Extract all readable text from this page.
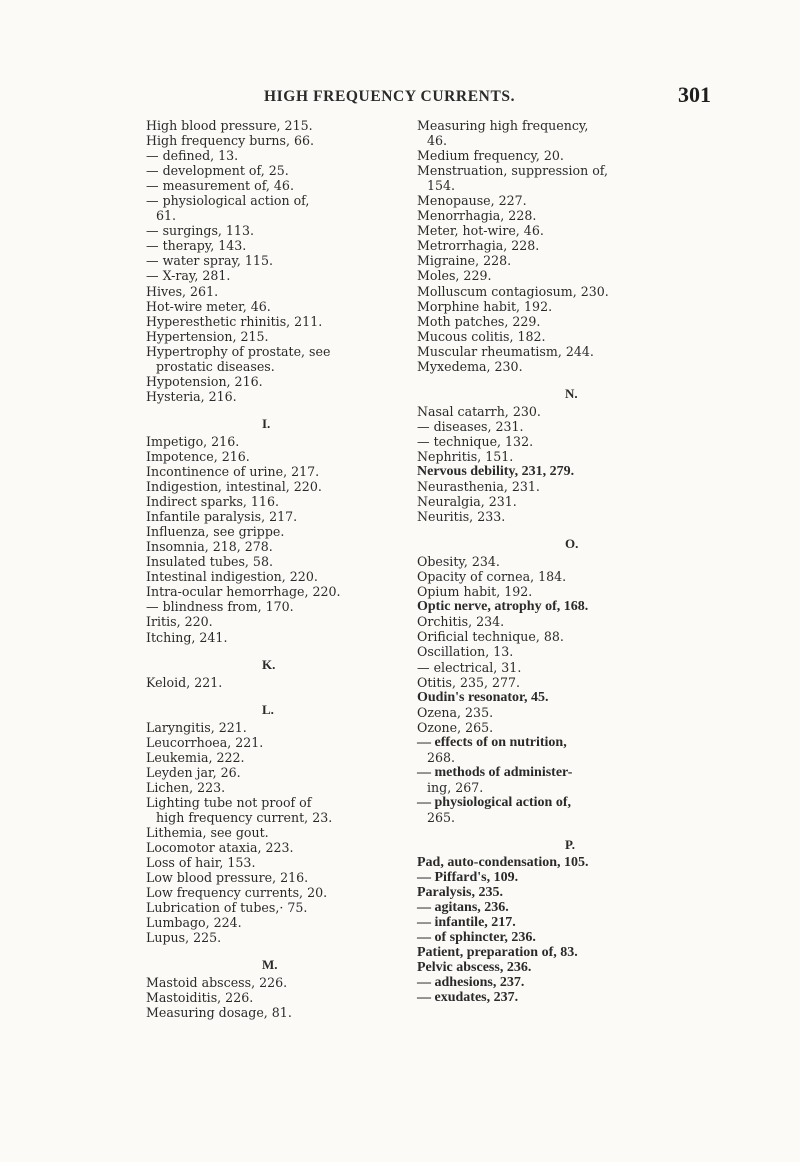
HIGH FREQUENCY CURRENTS.	301
High blood pressure, 215.
High frequency burns, 66.
— defined, 13.
— development of, 25.
— measurement of, 46.
— physiological action of,
61.
— surgings, 113.
— therapy, 143.
— water spray, 115.
— X-ray, 281.
Hives, 261.
Hot-wire meter, 46.
Hyperesthetic rhinitis, 211.
Hypertension, 215.
Hypertrophy of prostate, see
prostatic diseases.
Hypotension, 216.
Hysteria, 216.
I.
Impetigo, 216.
Impotence, 216.
Incontinence of urine, 217.
Indigestion, intestinal, 220.
Indirect sparks, 116.
Infantile paralysis, 217.
Influenza, see grippe.
Insomnia, 218, 278.
Insulated tubes, 58.
Intestinal indigestion, 220.
Intra-ocular hemorrhage, 220.
— blindness from, 170.
Iritis, 220.
Itching, 241.
K.
Keloid, 221.
L.
Laryngitis, 221.
Leucorrhoea, 221.
Leukemia, 222.
Leyden jar, 26.
Lichen, 223.
Lighting tube not proof of
high frequency current, 23.
Lithemia, see gout.
Locomotor ataxia, 223.
Loss of hair, 153.
Low blood pressure, 216.
Low frequency currents, 20.
Lubrication of tubes,· 75.
Lumbago, 224.
Lupus, 225.
M.
Mastoid abscess, 226.
Mastoiditis, 226.
Measuring dosage, 81.
Measuring high frequency,
46.
Medium frequency, 20.
Menstruation, suppression of,
154.
Menopause, 227.
Menorrhagia, 228.
Meter, hot-wire, 46.
Metrorrhagia, 228.
Migraine, 228.
Moles, 229.
Molluscum contagiosum, 230.
Morphine habit, 192.
Moth patches, 229.
Mucous colitis, 182.
Muscular rheumatism, 244.
Myxedema, 230.
N.
Nasal catarrh, 230.
— diseases, 231.
— technique, 132.
Nephritis, 151.
Nervous debility, 231, 279.
Neurasthenia, 231.
Neuralgia, 231.
Neuritis, 233.
O.
Obesity, 234.
Opacity of cornea, 184.
Opium habit, 192.
Optic nerve, atrophy of, 168.
Orchitis, 234.
Orificial technique, 88.
Oscillation, 13.
— electrical, 31.
Otitis, 235, 277.
Oudin's resonator, 45.
Ozena, 235.
Ozone, 265.
— effects of on nutrition,
268.
— methods of administer-
ing, 267.
— physiological action of,
265.
P.
Pad, auto-condensation, 105.
— Piffard's, 109.
Paralysis, 235.
— agitans, 236.
— infantile, 217.
— of sphincter, 236.
Patient, preparation of, 83.
Pelvic abscess, 236.
— adhesions, 237.
— exudates, 237.
